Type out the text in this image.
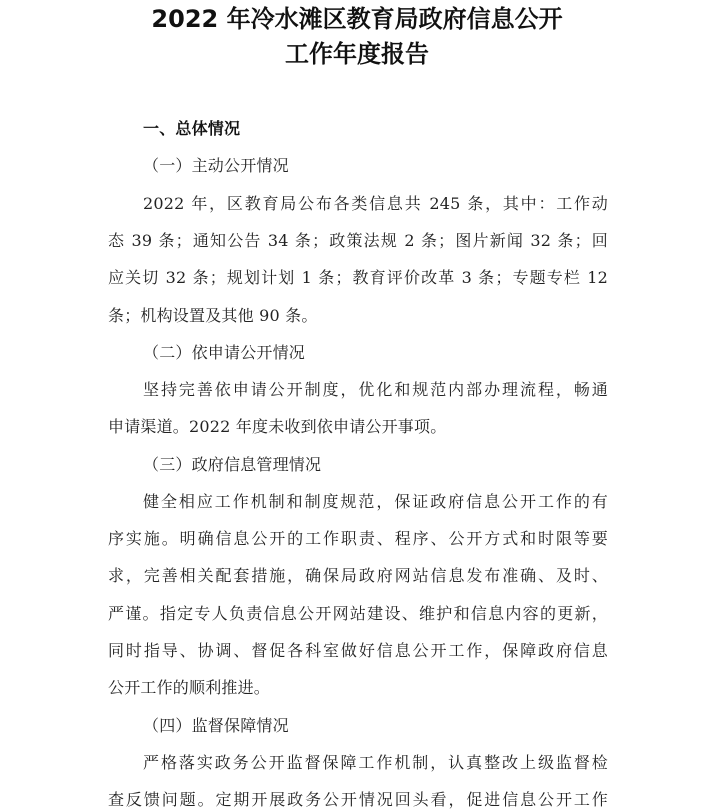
2022 年冷水滩区教育局政府信息公开
工作年度报告
一、总体情况
（一）主动公开情况
2022 年，区教育局公布各类信息共 245 条，其中：工作动
态 39 条；通知公告 34 条；政策法规 2 条；图片新闻 32 条；回
应关切 32 条；规划计划 1 条；教育评价改革 3 条；专题专栏 12
条；机构设置及其他 90 条。
（二）依申请公开情况
坚持完善依申请公开制度，优化和规范内部办理流程，畅通
申请渠道。2022 年度未收到依申请公开事项。
（三）政府信息管理情况
健全相应工作机制和制度规范，保证政府信息公开工作的有
序实施。明确信息公开的工作职责、程序、公开方式和时限等要
求，完善相关配套措施，确保局政府网站信息发布准确、及时、
严谨。指定专人负责信息公开网站建设、维护和信息内容的更新，
同时指导、协调、督促各科室做好信息公开工作，保障政府信息
公开工作的顺利推进。
（四）监督保障情况
严格落实政务公开监督保障工作机制，认真整改上级监督检
查反馈问题。定期开展政务公开情况回头看，促进信息公开工作
